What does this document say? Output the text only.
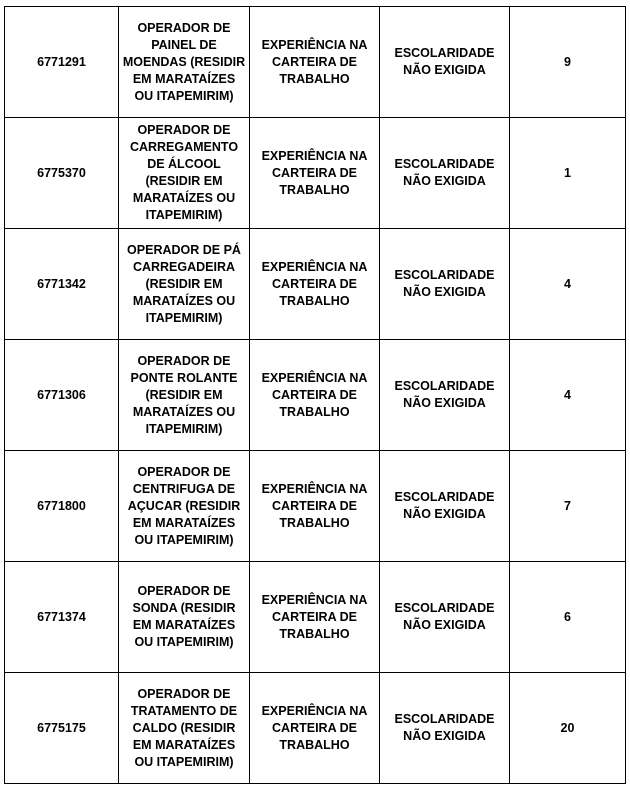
6771291	OPERADOR DE PAINEL DE MOENDAS (RESIDIR EM MARATAÍZES OU ITAPEMIRIM)	EXPERIÊNCIA NA CARTEIRA DE TRABALHO	ESCOLARIDADE NÃO EXIGIDA	9
6775370	OPERADOR DE CARREGAMENTO DE ÁLCOOL (RESIDIR EM MARATAÍZES OU ITAPEMIRIM)	EXPERIÊNCIA NA CARTEIRA DE TRABALHO	ESCOLARIDADE NÃO EXIGIDA	1
6771342	OPERADOR DE PÁ CARREGADEIRA (RESIDIR EM MARATAÍZES OU ITAPEMIRIM)	EXPERIÊNCIA NA CARTEIRA DE TRABALHO	ESCOLARIDADE NÃO EXIGIDA	4
6771306	OPERADOR DE PONTE ROLANTE (RESIDIR EM MARATAÍZES OU ITAPEMIRIM)	EXPERIÊNCIA NA CARTEIRA DE TRABALHO	ESCOLARIDADE NÃO EXIGIDA	4
6771800	OPERADOR DE CENTRIFUGA DE AÇUCAR (RESIDIR EM MARATAÍZES OU ITAPEMIRIM)	EXPERIÊNCIA NA CARTEIRA DE TRABALHO	ESCOLARIDADE NÃO EXIGIDA	7
6771374	OPERADOR DE SONDA (RESIDIR EM MARATAÍZES OU ITAPEMIRIM)	EXPERIÊNCIA NA CARTEIRA DE TRABALHO	ESCOLARIDADE NÃO EXIGIDA	6
6775175	OPERADOR DE TRATAMENTO DE CALDO (RESIDIR EM MARATAÍZES OU ITAPEMIRIM)	EXPERIÊNCIA NA CARTEIRA DE TRABALHO	ESCOLARIDADE NÃO EXIGIDA	20
